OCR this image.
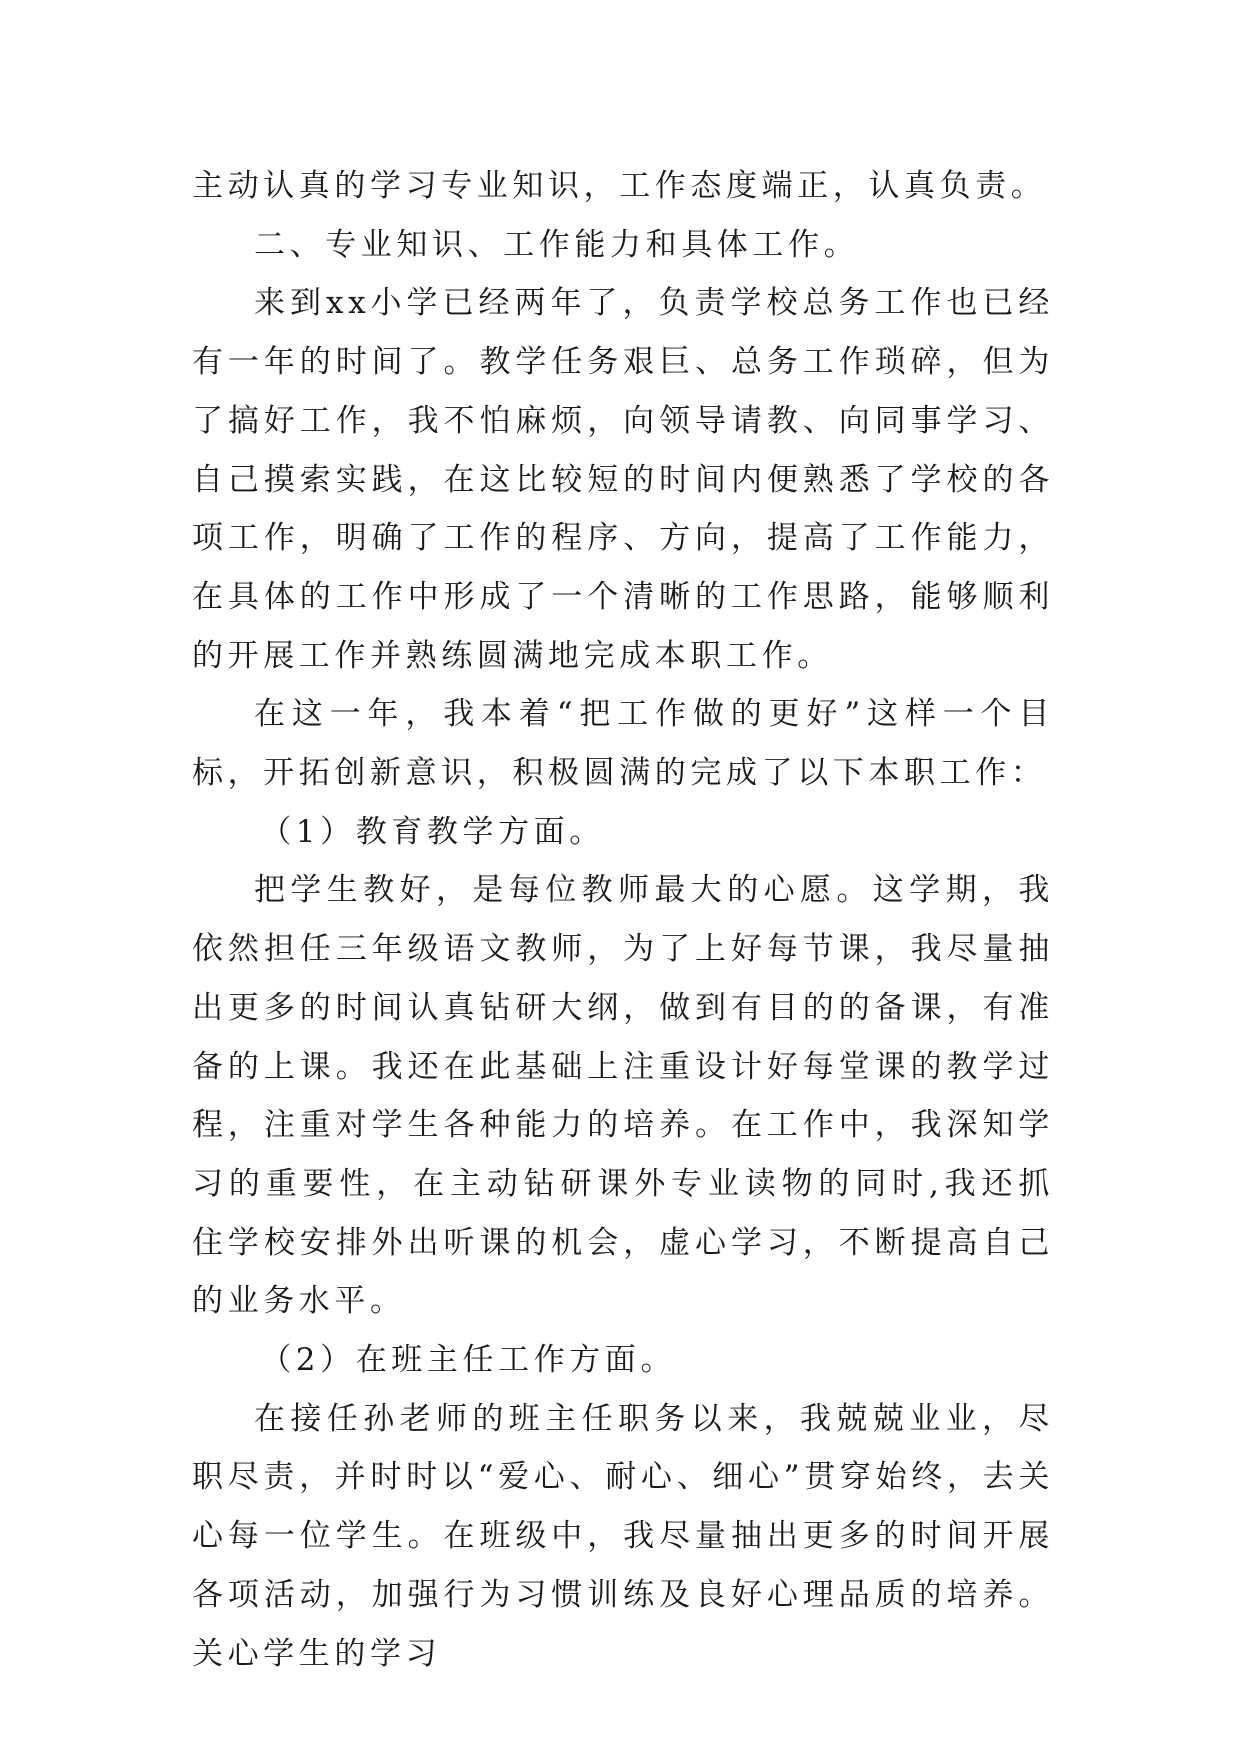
主动认真的学习专业知识，工作态度端正，认真负责。

二、专业知识、工作能力和具体工作。

来到xx小学已经两年了，负责学校总务工作也已经有一年的时间了。教学任务艰巨、总务工作琐碎，但为了搞好工作，我不怕麻烦，向领导请教、向同事学习、自己摸索实践，在这比较短的时间内便熟悉了学校的各项工作，明确了工作的程序、方向，提高了工作能力，在具体的工作中形成了一个清晰的工作思路，能够顺利的开展工作并熟练圆满地完成本职工作。

在这一年，我本着“把工作做的更好”这样一个目标，开拓创新意识，积极圆满的完成了以下本职工作：

（1）教育教学方面。

把学生教好，是每位教师最大的心愿。这学期，我依然担任三年级语文教师，为了上好每节课，我尽量抽出更多的时间认真钻研大纲，做到有目的的备课，有准备的上课。我还在此基础上注重设计好每堂课的教学过程，注重对学生各种能力的培养。在工作中，我深知学习的重要性，在主动钻研课外专业读物的同时,我还抓住学校安排外出听课的机会，虚心学习，不断提高自己的业务水平。

（2）在班主任工作方面。

在接任孙老师的班主任职务以来，我兢兢业业，尽职尽责，并时时以“爱心、耐心、细心”贯穿始终，去关心每一位学生。在班级中，我尽量抽出更多的时间开展各项活动，加强行为习惯训练及良好心理品质的培养。关心学生的学习
